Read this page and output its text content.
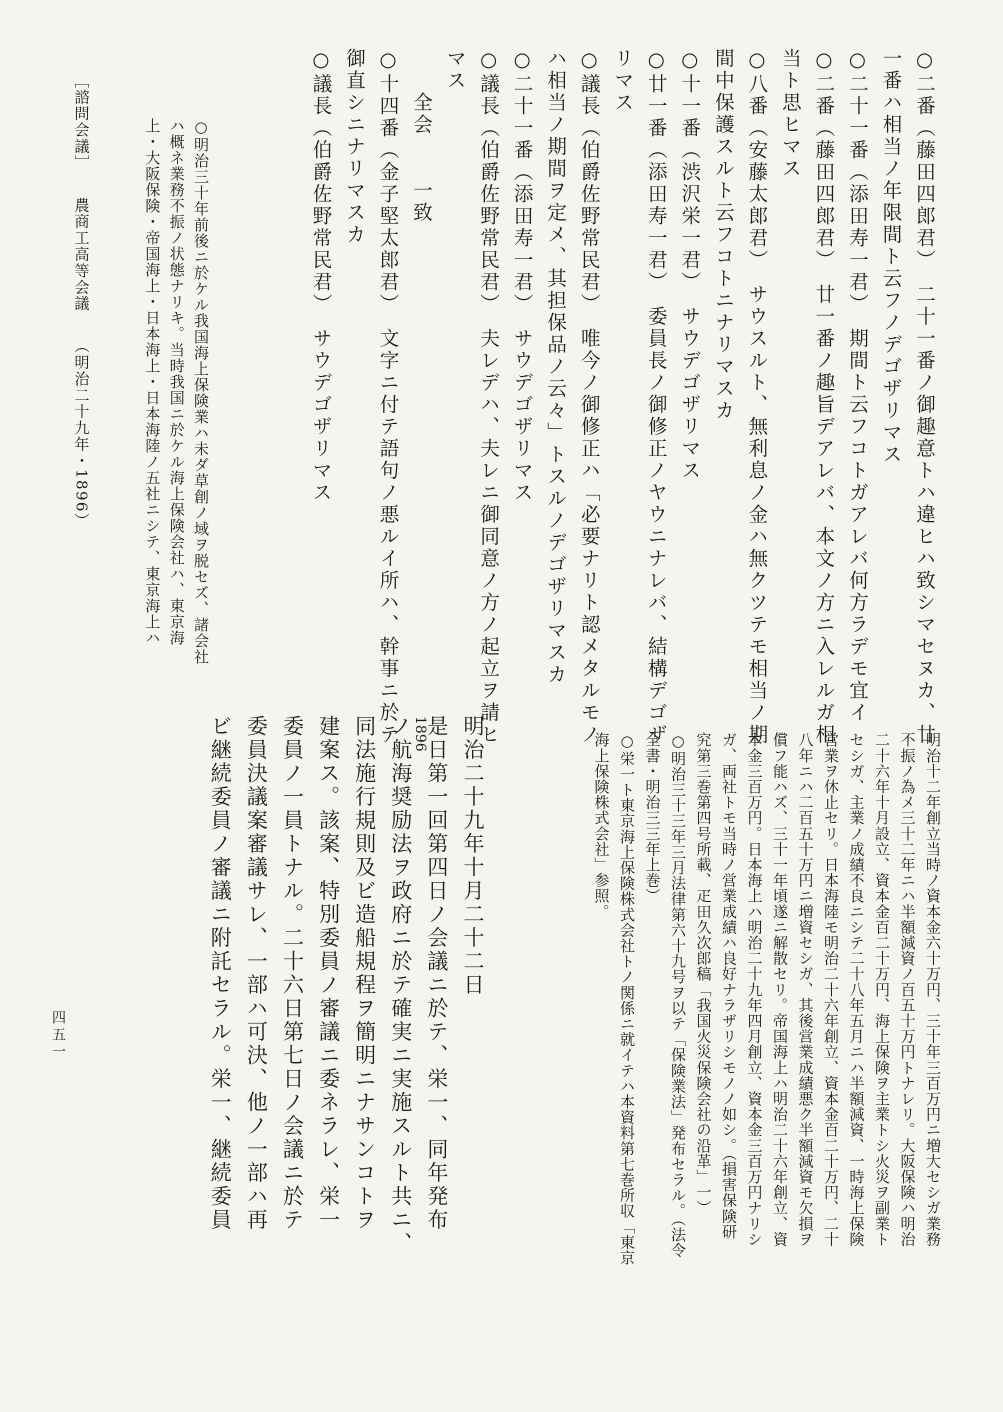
○二番（藤田四郎君）　二十一番ノ御趣意トハ違ヒハ致シマセヌカ、廿
一番ハ相当ノ年限間ト云フノデゴザリマス
○二十一番（添田寿一君）　期間ト云フコトガアレバ何方ラデモ宜イ
○二番（藤田四郎君）　廿一番ノ趣旨デアレバ、本文ノ方ニ入レルガ相
当ト思ヒマス
○八番（安藤太郎君）　サウスルト、無利息ノ金ハ無クツテモ相当ノ期
間中保護スルト云フコトニナリマスカ
○十一番（渋沢栄一君）　サウデゴザリマス
○廿一番（添田寿一君）　委員長ノ御修正ノヤウニナレバ、結構デゴザ
リマス
○議長（伯爵佐野常民君）　唯今ノ御修正ハ「必要ナリト認メタルモノ
ハ相当ノ期間ヲ定メ、其担保品ノ云々」トスルノデゴザリマスカ
○二十一番（添田寿一君）　サウデゴザリマス
○議長（伯爵佐野常民君）　夫レデハ、夫レニ御同意ノ方ノ起立ヲ請ヒ
マス
　　全会　　一致
○十四番（金子堅太郎君）　文字ニ付テ語句ノ悪ルイ所ハ、幹事ニ於テ
御直シニナリマスカ
○議長（伯爵佐野常民君）　サウデゴザリマス
○明治三十年前後ニ於ケル我国海上保険業ハ未ダ草創ノ域ヲ脱セズ、諸会社
ハ概ネ業務不振ノ状態ナリキ。当時我国ニ於ケル海上保険会社ハ、東京海
上・大阪保険・帝国海上・日本海上・日本海陸ノ五社ニシテ、東京海上ハ

［諮問会議］農商工高等会議（明治二十九年・1896）

明治十二年創立当時ノ資本金六十万円、三十年三百万円ニ増大セシガ業務
不振ノ為メ三十二年ニハ半額減資ノ百五十万円トナレリ。大阪保険ハ明治
二十六年十月設立、資本金百二十万円、海上保険ヲ主業トシ火災ヲ副業ト
セシガ、主業ノ成績不良ニシテ二十八年五月ニハ半額減資、一時海上保険
営業ヲ休止セリ。日本海陸モ明治二十六年創立、資本金百二十万円、二十
八年ニハ二百五十万円ニ増資セシガ、其後営業成績悪ク半額減資モ欠損ヲ
償フ能ハズ、三十一年頃遂ニ解散セリ。帝国海上ハ明治二十六年創立、資
本金三百万円。日本海上ハ明治二十九年四月創立、資本金三百万円ナリシ
ガ、両社トモ当時ノ営業成績ハ良好ナラザリシモノノ如シ。（損害保険研
究第三巻第四号所載、疋田久次郎稿「我国火災保険会社の沿革」一）
○明治三十三年三月法律第六十九号ヲ以テ「保険業法」発布セラル。（法令
全書・明治三三年上巻）
○栄一ト東京海上保険株式会社トノ関係ニ就イテハ本資料第七巻所収「東京
海上保険株式会社」参照。
1896 明治二十九年十月二十二日
是日第一回第四日ノ会議ニ於テ、栄一、同年発布
ノ航海奨励法ヲ政府ニ於テ確実ニ実施スルト共ニ、
同法施行規則及ビ造船規程ヲ簡明ニナサンコトヲ
建案ス。該案、特別委員ノ審議ニ委ネラレ、栄一
委員ノ一員トナル。二十六日第七日ノ会議ニ於テ
委員決議案審議サレ、一部ハ可決、他ノ一部ハ再
ビ継続委員ノ審議ニ附託セラル。栄一、継続委員
四五一
